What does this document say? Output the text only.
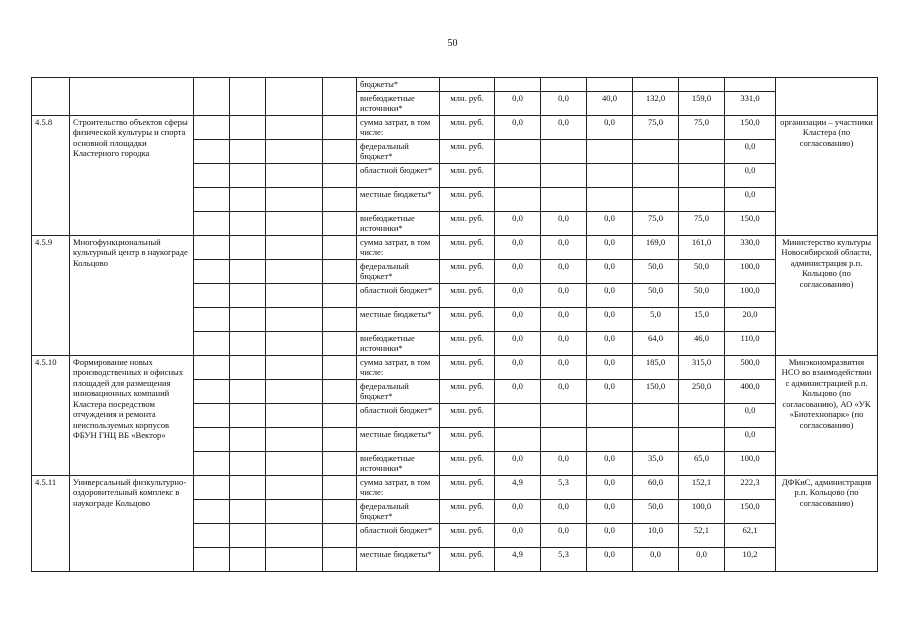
50
						бюджеты*								
						внебюджетные источники*	млн. руб.	0,0	0,0	40,0	132,0	159,0	331,0	
4.5.8	Строительство объектов сферы физической культуры и спорта основной площадки Кластерного городка					сумма затрат, в том числе:	млн. руб.	0,0	0,0	0,0	75,0	75,0	150,0	организации – участники Кластера (по согласованию)
						федеральный бюджет*	млн. руб.						0,0	
						областной бюджет*	млн. руб.						0,0	
						местные бюджеты*	млн. руб.						0,0	
						внебюджетные источники*	млн. руб.	0,0	0,0	0,0	75,0	75,0	150,0	
4.5.9	Многофункциональный культурный центр в наукограде Кольцово					сумма затрат, в том числе:	млн. руб.	0,0	0,0	0,0	169,0	161,0	330,0	Министерство культуры Новосибирской области, администрация р.п. Кольцово (по согласованию)
						федеральный бюджет*	млн. руб.	0,0	0,0	0,0	50,0	50,0	100,0	
						областной бюджет*	млн. руб.	0,0	0,0	0,0	50,0	50,0	100,0	
						местные бюджеты*	млн. руб.	0,0	0,0	0,0	5,0	15,0	20,0	
						внебюджетные источники*	млн. руб.	0,0	0,0	0,0	64,0	46,0	110,0	
4.5.10	Формирование новых производственных и офисных площадей для размещения инновационных компаний Кластера посредством отчуждения и ремонта неиспользуемых корпусов ФБУН ГНЦ ВБ «Вектор»					сумма затрат, в том числе:	млн. руб.	0,0	0,0	0,0	185,0	315,0	500,0	Минэкономразвития НСО во взаимодействии с администрацией р.п. Кольцово (по согласованию), АО «УК «Биотехнопарк» (по согласованию)
						федеральный бюджет*	млн. руб.	0,0	0,0	0,0	150,0	250,0	400,0	
						областной бюджет*	млн. руб.						0,0	
						местные бюджеты*	млн. руб.						0,0	
						внебюджетные источники*	млн. руб.	0,0	0,0	0,0	35,0	65,0	100,0	
4.5.11	Универсальный физкультурно-оздоровительный комплекс в наукограде Кольцово					сумма затрат, в том числе:	млн. руб.	4,9	5,3	0,0	60,0	152,1	222,3	ДФКиС, администрация р.п. Кольцово (по согласованию)
						федеральный бюджет*	млн. руб.	0,0	0,0	0,0	50,0	100,0	150,0	
						областной бюджет*	млн. руб.	0,0	0,0	0,0	10,0	52,1	62,1	
						местные бюджеты*	млн. руб.	4,9	5,3	0,0	0,0	0,0	10,2	
